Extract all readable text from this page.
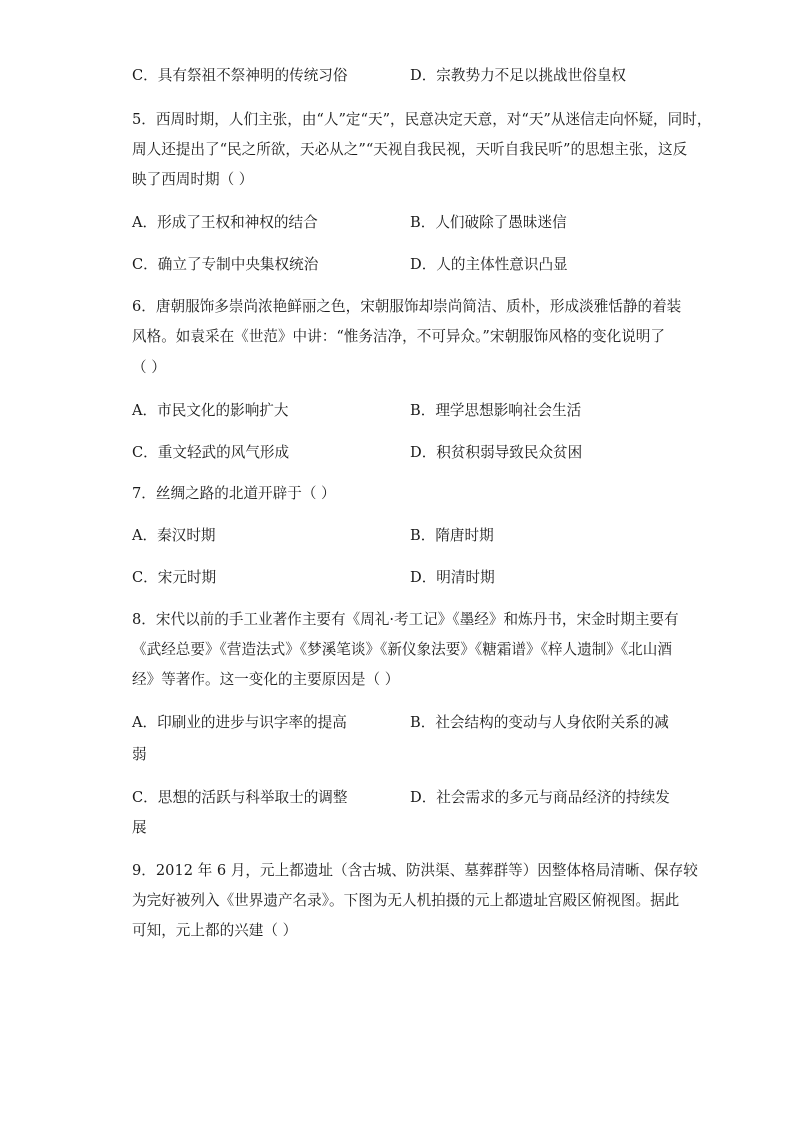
C．具有祭祖不祭神明的传统习俗	D．宗教势力不足以挑战世俗皇权
5．西周时期，人们主张，由“人”定“天”，民意决定天意，对“天”从迷信走向怀疑，同时，
周人还提出了“民之所欲，天必从之”“天视自我民视，天听自我民听”的思想主张，这反
映了西周时期（ ）
A．形成了王权和神权的结合	B．人们破除了愚昧迷信
C．确立了专制中央集权统治	D．人的主体性意识凸显
6．唐朝服饰多崇尚浓艳鲜丽之色，宋朝服饰却崇尚简洁、质朴，形成淡雅恬静的着装
风格。如袁采在《世范》中讲：“惟务洁净，不可异众。”宋朝服饰风格的变化说明了
（ ）
A．市民文化的影响扩大	B．理学思想影响社会生活
C．重文轻武的风气形成	D．积贫积弱导致民众贫困
7．丝绸之路的北道开辟于（ ）
A．秦汉时期	B．隋唐时期
C．宋元时期	D．明清时期
8．宋代以前的手工业著作主要有《周礼·考工记》《墨经》和炼丹书，宋金时期主要有
《武经总要》《营造法式》《梦溪笔谈》《新仪象法要》《糖霜谱》《梓人遗制》《北山酒
经》等著作。这一变化的主要原因是（ ）
A．印刷业的进步与识字率的提高	B．社会结构的变动与人身依附关系的减
弱
C．思想的活跃与科举取士的调整	D．社会需求的多元与商品经济的持续发
展
9．2012 年 6 月，元上都遗址（含古城、防洪渠、墓葬群等）因整体格局清晰、保存较
为完好被列入《世界遗产名录》。下图为无人机拍摄的元上都遗址宫殿区俯视图。据此
可知，元上都的兴建（ ）
